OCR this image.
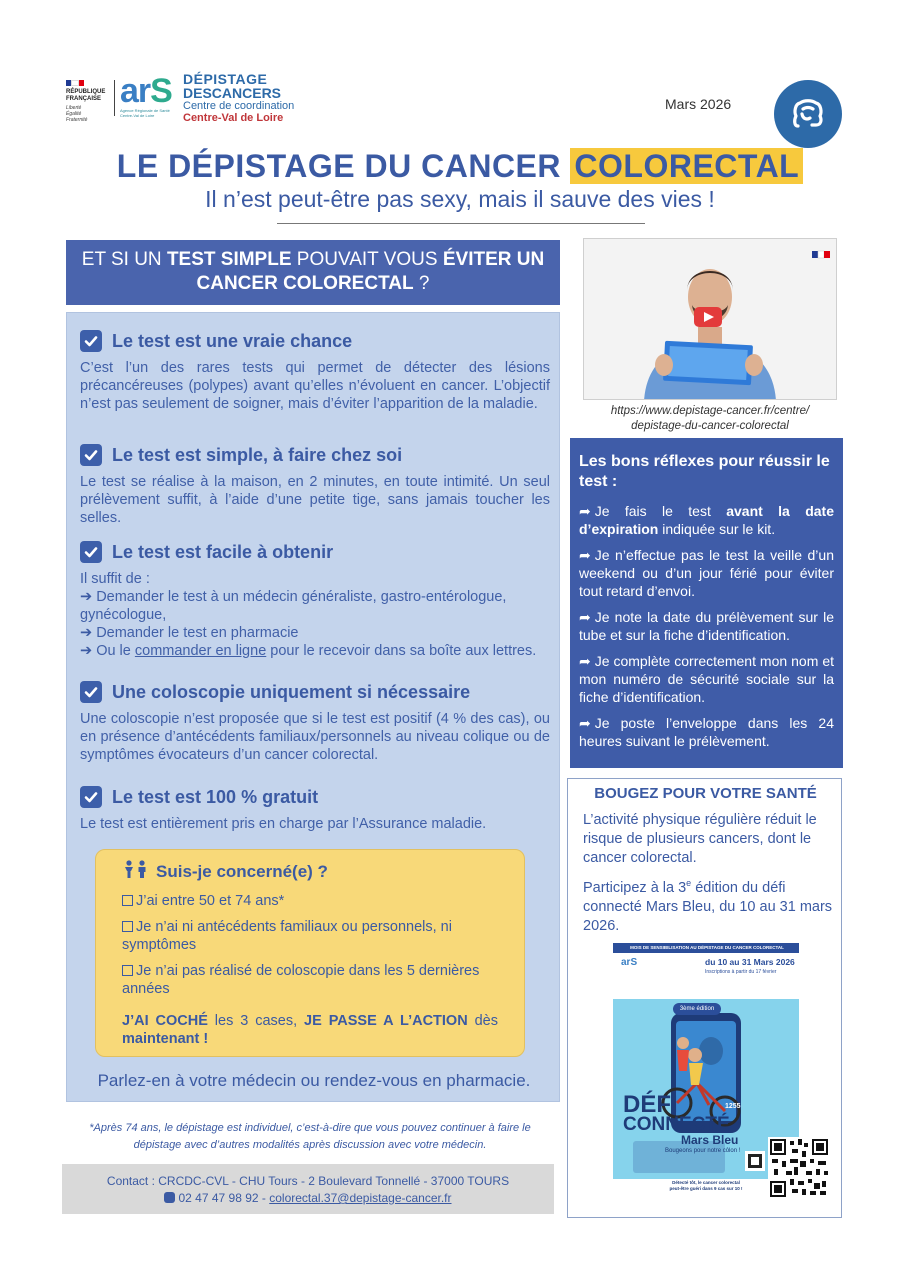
RÉPUBLIQUE
FRANÇAISE
Liberté
Égalité
Fraternité
arS
Agence Régionale de Santé
Centre-Val de Loire
DÉPISTAGE
DESCANCERS
Centre de coordination
Centre-Val de Loire
Mars 2026
LE DÉPISTAGE DU CANCER COLORECTAL
Il n’est peut-être pas sexy, mais il sauve des vies !
ET SI UN TEST SIMPLE POUVAIT VOUS ÉVITER UN
CANCER COLORECTAL ?
Le test est une vraie chance
C’est l’un des rares tests qui permet de détecter des lésions précancéreuses (polypes) avant qu’elles n’évoluent en cancer. L’objectif n’est pas seulement de soigner, mais d’éviter l’apparition de la maladie.
Le test est simple, à faire chez soi
Le test se réalise à la maison, en 2 minutes, en toute intimité. Un seul prélèvement suffit, à l’aide d’une petite tige, sans jamais toucher les selles.
Le test est facile à obtenir
Il suffit de :
➔ Demander le test à un médecin généraliste, gastro-entérologue, gynécologue,
➔ Demander le test en pharmacie
➔ Ou le commander en ligne pour le recevoir dans sa boîte aux lettres.
Une coloscopie uniquement si nécessaire
Une coloscopie n’est proposée que si le test est positif (4 % des cas), ou en présence d’antécédents familiaux/personnels au niveau colique ou de symptômes évocateurs d’un cancer colorectal.
Le test est 100 % gratuit
Le test est entièrement pris en charge par l’Assurance maladie.
Suis-je concerné(e) ?
J’ai entre 50 et 74 ans*
Je n’ai ni antécédents familiaux ou personnels, ni symptômes
Je n’ai pas réalisé de coloscopie dans les 5 dernières années
J’AI COCHÉ les 3 cases, JE PASSE A L’ACTION dès maintenant !
Parlez-en à votre médecin ou rendez-vous en pharmacie.
*Après 74 ans, le dépistage est individuel, c’est-à-dire que vous pouvez continuer à faire le dépistage avec d’autres modalités après discussion avec votre médecin.
Contact : CRCDC-CVL - CHU Tours - 2 Boulevard Tonnellé - 37000 TOURS
02 47 47 98 92 - colorectal.37@depistage-cancer.fr
https://www.depistage-cancer.fr/centre/
depistage-du-cancer-colorectal
Les bons réflexes pour réussir le test :
➦ Je fais le test avant la date d’expiration indiquée sur le kit.
➦ Je n’effectue pas le test la veille d’un weekend ou d’un jour férié pour éviter tout retard d’envoi.
➦ Je note la date du prélèvement sur le tube et sur la fiche d’identification.
➦ Je complète correctement mon nom et mon numéro de sécurité sociale sur la fiche d’identification.
➦ Je poste l’enveloppe dans les 24 heures suivant le prélèvement.
BOUGEZ POUR VOTRE SANTÉ
L’activité physique régulière réduit le risque de plusieurs cancers, dont le cancer colorectal.
Participez à la 3e édition du défi connecté Mars Bleu, du 10 au 31 mars 2026.
MOIS DE SENSIBILISATION AU DÉPISTAGE DU CANCER COLORECTAL
du 10 au 31 Mars 2026
Inscriptions à partir du 17 février
arS
3ème édition
1255
DÉFI
CONNECTÉ
Mars Bleu
Bougeons pour notre côlon !
Détecté tôt, le cancer colorectal
peut-être guéri dans 9 cas sur 10 !
